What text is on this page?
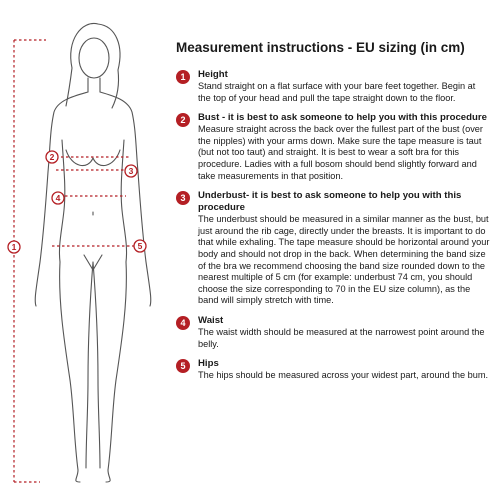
1
2
3
4
5
Measurement instructions - EU sizing (in cm)
1	Height
Stand straight on a flat surface with your bare feet together. Begin at the top of your head and pull the tape straight down to the floor.
2	Bust - it is best to ask someone to help you with this procedure
Measure straight across the back over the fullest part of the bust (over the nipples) with your arms down. Make sure the tape measure is taut (but not too taut) and straight. It is best to wear a soft bra for this procedure. Ladies with a full bosom should bend slightly forward and take measurements in that position.
3	Underbust- it is best to ask someone to help you with this procedure
The underbust should be measured in a similar manner as the bust, but just around the rib cage, directly under the breasts. It is important to do that while exhaling. The tape measure should be horizontal around your body and should not drop in the back. When determining the band size of the bra we recommend choosing the band size rounded down to the nearest multiple of 5 cm (for example: underbust 74 cm, you should choose the size corresponding to 70 in the EU size column), as the band will simply stretch with time.
4	Waist
The waist width should be measured at the narrowest point around the belly.
5	Hips
The hips should be measured across your widest part, around the bum.
